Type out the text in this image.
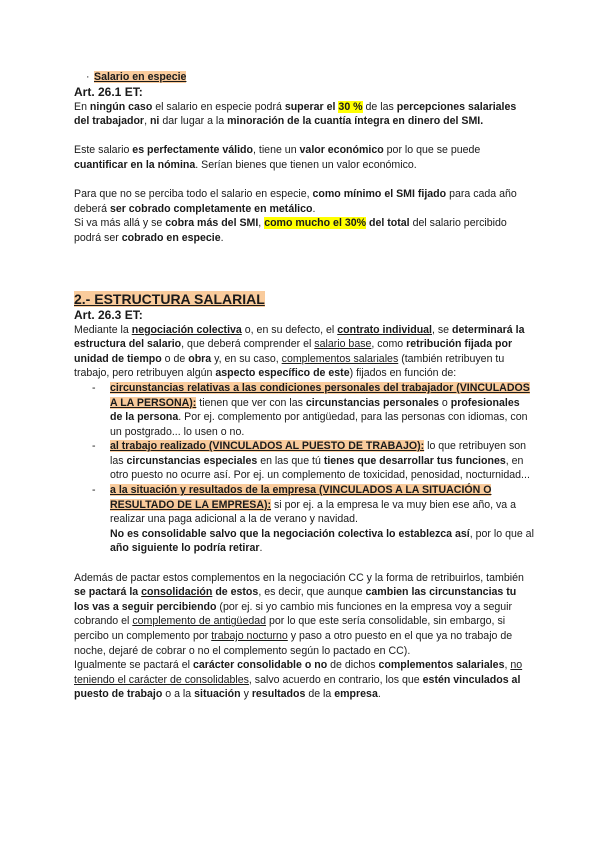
· Salario en especie

Art. 26.1 ET:

En ningún caso el salario en especie podrá superar el 30 % de las percepciones salariales del trabajador, ni dar lugar a la minoración de la cuantía íntegra en dinero del SMI.

Este salario es perfectamente válido, tiene un valor económico por lo que se puede cuantificar en la nómina. Serían bienes que tienen un valor económico.

Para que no se perciba todo el salario en especie, como mínimo el SMI fijado para cada año deberá ser cobrado completamente en metálico.

Si va más allá y se cobra más del SMI, como mucho el 30% del total del salario percibido podrá ser cobrado en especie.

2.- ESTRUCTURA SALARIAL

Art. 26.3 ET:

Mediante la negociación colectiva o, en su defecto, el contrato individual, se determinará la estructura del salario, que deberá comprender el salario base, como retribución fijada por unidad de tiempo o de obra y, en su caso, complementos salariales (también retribuyen tu trabajo, pero retribuyen algún aspecto específico de este) fijados en función de:

- circunstancias relativas a las condiciones personales del trabajador (VINCULADOS A LA PERSONA): tienen que ver con las circunstancias personales o profesionales de la persona. Por ej. complemento por antigüedad, para las personas con idiomas, con un postgrado... lo usen o no.
- al trabajo realizado (VINCULADOS AL PUESTO DE TRABAJO): lo que retribuyen son las circunstancias especiales en las que tú tienes que desarrollar tus funciones, en otro puesto no ocurre así. Por ej. un complemento de toxicidad, penosidad, nocturnidad...
- a la situación y resultados de la empresa (VINCULADOS A LA SITUACIÓN O RESULTADO DE LA EMPRESA): si por ej. a la empresa le va muy bien ese año, va a realizar una paga adicional a la de verano y navidad.
No es consolidable salvo que la negociación colectiva lo establezca así, por lo que al año siguiente lo podría retirar.

Además de pactar estos complementos en la negociación CC y la forma de retribuirlos, también se pactará la consolidación de estos, es decir, que aunque cambien las circunstancias tu los vas a seguir percibiendo (por ej. si yo cambio mis funciones en la empresa voy a seguir cobrando el complemento de antigüedad por lo que este sería consolidable, sin embargo, si percibo un complemento por trabajo nocturno y paso a otro puesto en el que ya no trabajo de noche, dejaré de cobrar o no el complemento según lo pactado en CC).

Igualmente se pactará el carácter consolidable o no de dichos complementos salariales, no teniendo el carácter de consolidables, salvo acuerdo en contrario, los que estén vinculados al puesto de trabajo o a la situación y resultados de la empresa.
